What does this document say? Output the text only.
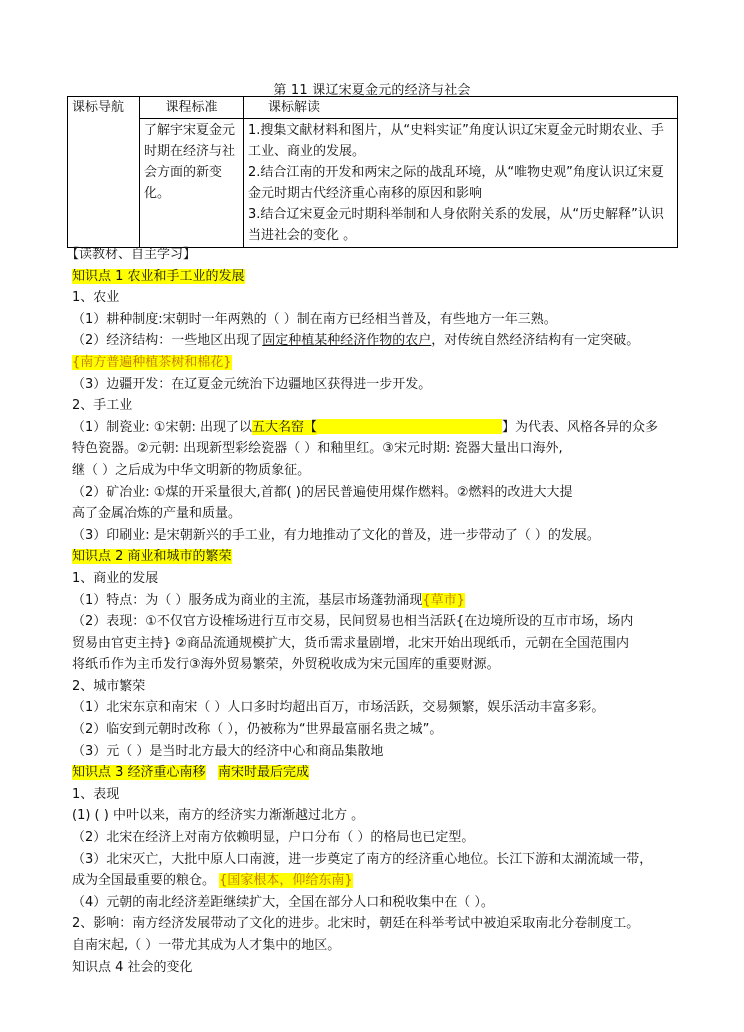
第 11 课辽宋夏金元的经济与社会
课标导航	课程标准	课标解读
	了解宇宋夏金元时期在经济与社会方面的新变化。	1.搜集文献材料和图片，从“史料实证”角度认识辽宋夏金元时期农业、手工业、商业的发展。
2.结合江南的开发和两宋之际的战乱环境，从“唯物史观”角度认识辽宋夏金元时期古代经济重心南移的原因和影响
3.结合辽宋夏金元时期科举制和人身依附关系的发展，从“历史解释”认识当进社会的变化 。
【读教材、自主学习】
知识点 1 农业和手工业的发展
1、农业
（1）耕种制度:宋朝时一年两熟的（ ）制在南方已经相当普及，有些地方一年三熟。
（2）经济结构：一些地区出现了固定种植某种经济作物的农户，对传统自然经济结构有一定突破。
{南方普遍种植茶树和棉花}
（3）边疆开发：在辽夏金元统治下边疆地区获得进一步开发。
2、手工业
（1）制瓷业: ①宋朝: 出现了以五大名窑【	】为代表、风格各异的众多
特色瓷器。②元朝: 出现新型彩绘瓷器（ ）和釉里红。③宋元时期: 瓷器大量出口海外,
继（ ）之后成为中华文明新的物质象征。
（2）矿冶业: ①煤的开采量很大,首都( )的居民普遍使用煤作燃料。②燃料的改进大大提
高了金属冶炼的产量和质量。
（3）印刷业: 是宋朝新兴的手工业，有力地推动了文化的普及，进一步带动了（ ）的发展。
知识点 2 商业和城市的繁荣
1、商业的发展
（1）特点：为（ ）服务成为商业的主流，基层市场蓬勃涌现{草市}
（2）表现：①不仅官方设榷场进行互市交易，民间贸易也相当活跃{在边境所设的互市市场，场内
贸易由官吏主持} ②商品流通规模扩大，货币需求量剧增，北宋开始出现纸币，元朝在全国范围内
将纸币作为主币发行③海外贸易繁荣，外贸税收成为宋元国库的重要财源。
2、城市繁荣
（1）北宋东京和南宋（ ）人口多时均超出百万，市场活跃，交易频繁，娱乐活动丰富多彩。
（2）临安到元朝时改称（ ），仍被称为“世界最富丽名贵之城”。
（3）元（ ）是当时北方最大的经济中心和商品集散地
知识点 3 经济重心南移 南宋时最后完成
1、表现
(1) ( ) 中叶以来，南方的经济实力渐渐越过北方 。
（2）北宋在经济上对南方依赖明显，户口分布（ ）的格局也已定型。
（3）北宋灭亡，大批中原人口南渡，进一步奠定了南方的经济重心地位。长江下游和太湖流域一带，
成为全国最重要的粮仓。 {国家根本，仰给东南}
（4）元朝的南北经济差距继续扩大，全国在部分人口和税收集中在（ ）。
2、影响：南方经济发展带动了文化的进步。北宋时，朝廷在科举考试中被迫采取南北分卷制度工。
自南宋起,（ ）一带尤其成为人才集中的地区。
知识点 4 社会的变化
